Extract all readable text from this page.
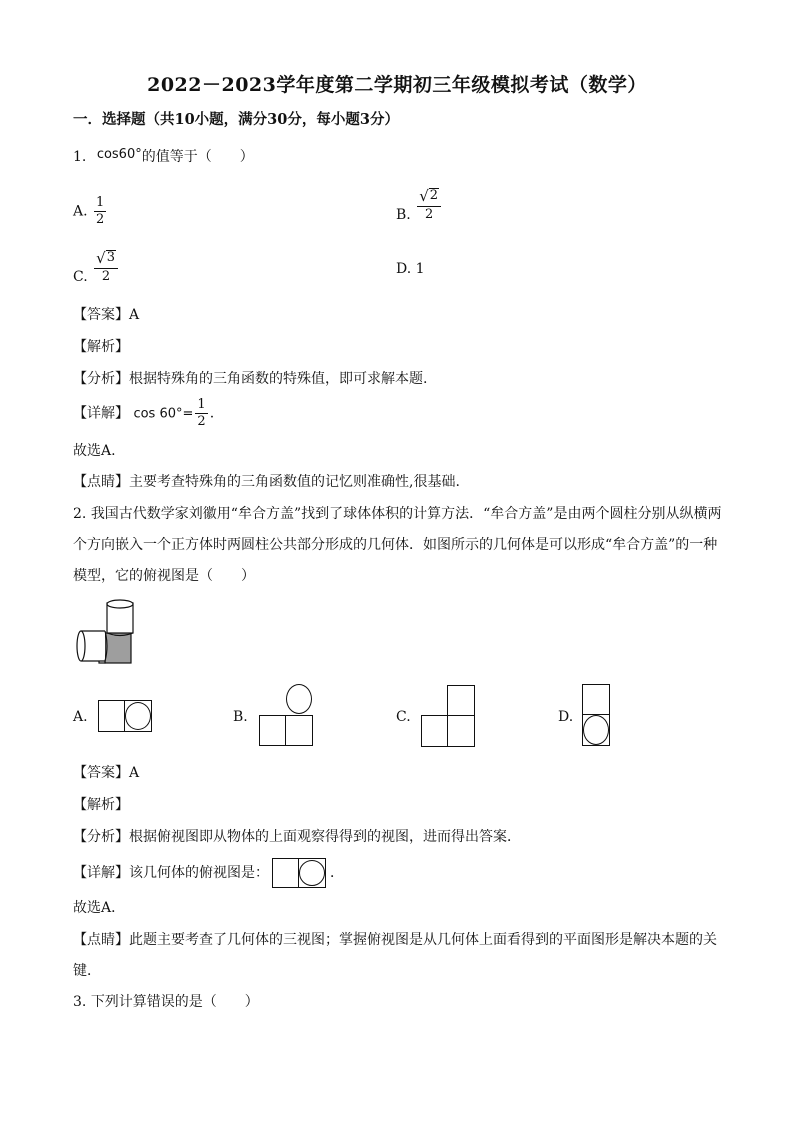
2022－2023学年度第二学期初三年级模拟考试（数学）
一．选择题（共10小题，满分30分，每小题3分）
1. cos60°的值等于（　　）
A. $\frac{1}{2}$	B. $\frac{√ 2}{2}$
C. $\frac{√ 3}{2}$	D. 1
【答案】A
【解析】
【分析】根据特殊角的三角函数的特殊值，即可求解本题.
【详解】 $\cos 60^\circ= \frac{1}{2}$ .
故选A.
【点睛】主要考查特殊角的三角函数值的记忆则准确性,很基础.
2. 我国古代数学家刘徽用“牟合方盖”找到了球体体积的计算方法．“牟合方盖”是由两个圆柱分别从纵横两
个方向嵌入一个正方体时两圆柱公共部分形成的几何体．如图所示的几何体是可以形成“牟合方盖”的一种
模型，它的俯视图是（　　）
A.	B.	C.	D.
【答案】A
【解析】
【分析】根据俯视图即从物体的上面观察得得到的视图，进而得出答案．
【详解】该几何体的俯视图是：	．
故选A．
【点睛】此题主要考查了几何体的三视图；掌握俯视图是从几何体上面看得到的平面图形是解决本题的关
键．
3. 下列计算错误的是（　　）
